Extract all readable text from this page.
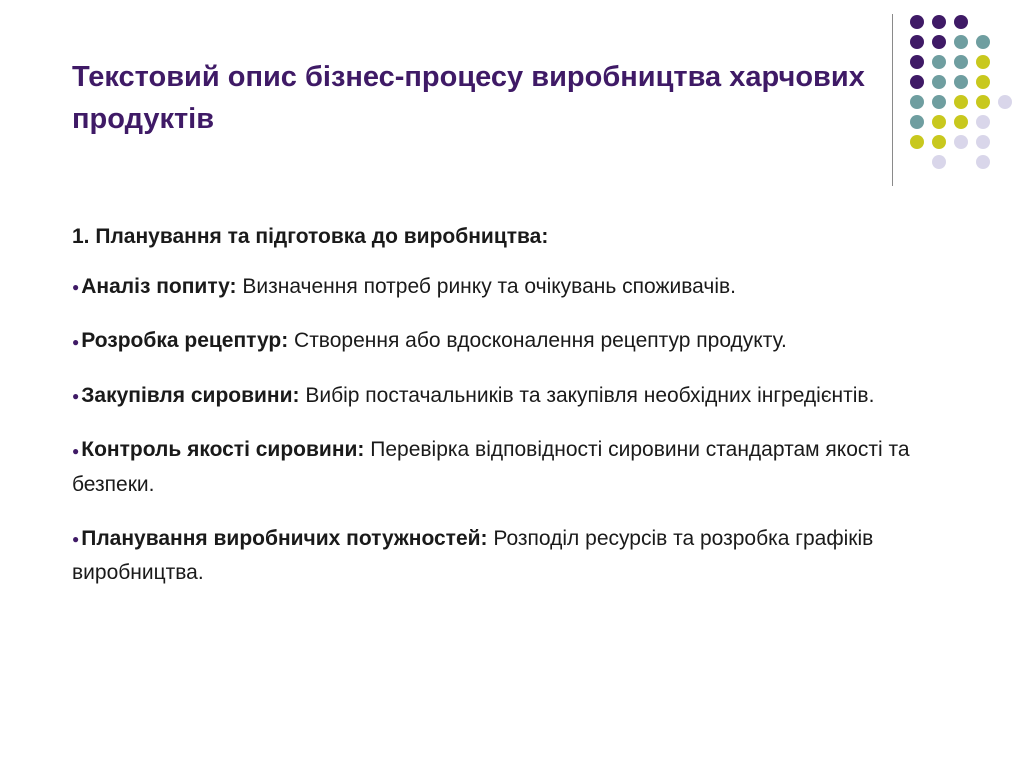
Текстовий опис бізнес-процесу виробництва харчових продуктів
1. Планування та підготовка до виробництва:
●Аналіз попиту: Визначення потреб ринку та очікувань споживачів.
●Розробка рецептур: Створення або вдосконалення рецептур продукту.
●Закупівля сировини: Вибір постачальників та закупівля необхідних інгредієнтів.
●Контроль якості сировини: Перевірка відповідності сировини стандартам якості та безпеки.
●Планування виробничих потужностей: Розподіл ресурсів та розробка графіків виробництва.
